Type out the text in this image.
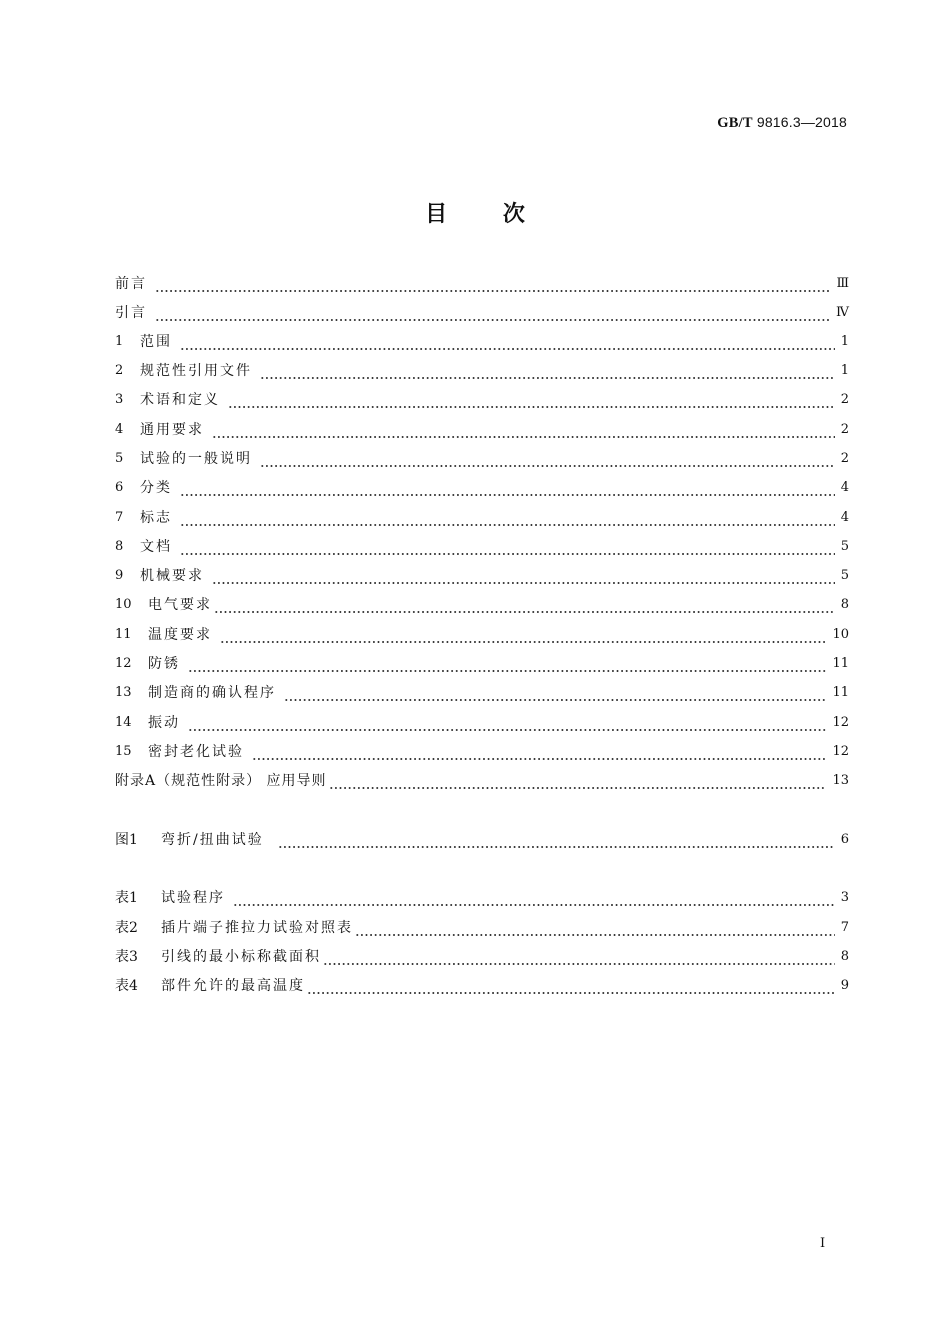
GB/T 9816.3—2018
目 次
前言	Ⅲ
引言	Ⅳ
1	范围	1
2	规范性引用文件	1
3	术语和定义	2
4	通用要求	2
5	试验的一般说明	2
6	分类	4
7	标志	4
8	文档	5
9	机械要求	5
10	电气要求	8
11	温度要求	10
12	防锈	11
13	制造商的确认程序	11
14	振动	12
15	密封老化试验	12
附录A（规范性附录） 应用导则	13
图1	弯折/扭曲试验	6
表1	试验程序	3
表2	插片端子推拉力试验对照表	7
表3	引线的最小标称截面积	8
表4	部件允许的最高温度	9
I
